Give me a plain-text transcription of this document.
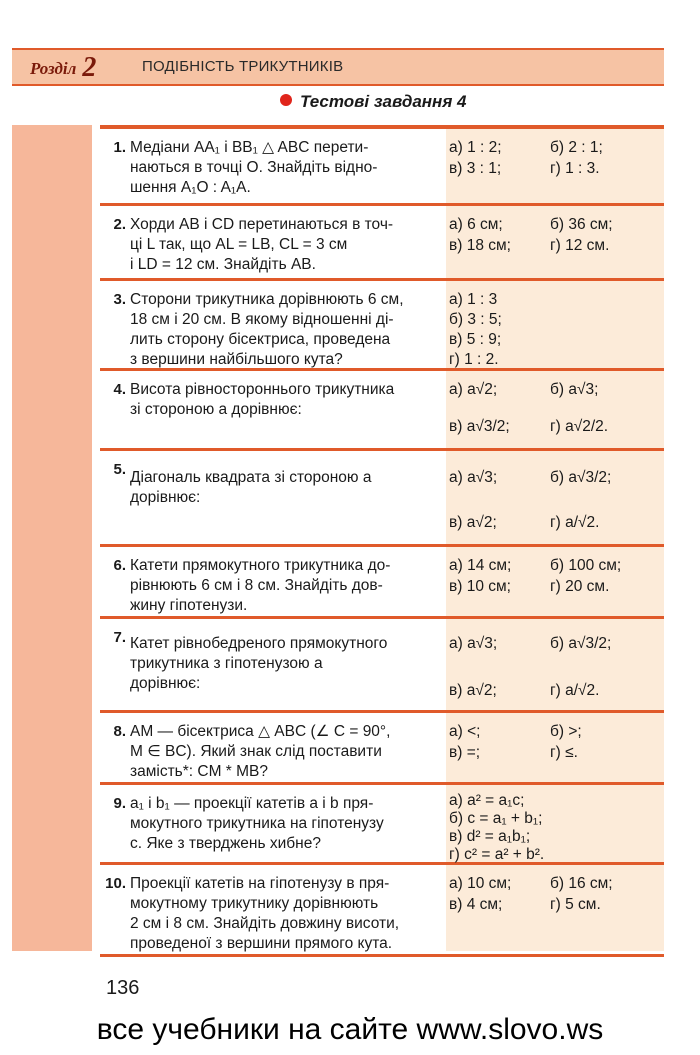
Розділ 2	ПОДІБНІСТЬ ТРИКУТНИКІВ
Тестові завдання 4
1. Медіани AA₁ і BB₁ △ ABC перети-
наються в точці O. Знайдіть відно-
шення A₁O : A₁A.
а) 1 : 2;	б) 2 : 1;
в) 3 : 1;	г) 1 : 3.
2. Хорди AB і CD перетинаються в точ-
ці L так, що AL = LB, CL = 3 см
і LD = 12 см. Знайдіть AB.
а) 6 см;	б) 36 см;
в) 18 см;	г) 12 см.
3. Сторони трикутника дорівнюють 6 см,
18 см і 20 см. В якому відношенні ді-
лить сторону бісектриса, проведена
з вершини найбільшого кута?
а) 1 : 3
б) 3 : 5;
в) 5 : 9;
г) 1 : 2.
4. Висота рівностороннього трикутника
зі стороною a дорівнює:
а) a√2;	б) a√3;
в) a√3/2;	г) a√2/2.
5. Діагональ квадрата зі стороною a
дорівнює:
а) a√3;	б) a√3/2;
в) a√2;	г) a/√2.
6. Катети прямокутного трикутника до-
рівнюють 6 см і 8 см. Знайдіть дов-
жину гіпотенузи.
а) 14 см; б) 100 см;
в) 10 см;	г) 20 см.
7. Катет рівнобедреного прямокутного
трикутника з гіпотенузою a
дорівнює:
а) a√3;	б) a√3/2;
в) a√2;	г) a/√2.
8. AM — бісектриса △ ABC (∠ C = 90°,
M ∈ BC). Який знак слід поставити
замість*: CM * MB?
а) <;	б) >;
в) =;	г) ≤.
9. a₁ і b₁ — проекції катетів a і b пря-
мокутного трикутника на гіпотенузу
c. Яке з тверджень хибне?
а) a² = a₁c;
б) c = a₁ + b₁;
в) d² = a₁b₁;
г) c² = a² + b².
10. Проекції катетів на гіпотенузу в пря-
мокутному трикутнику дорівнюють
2 см і 8 см. Знайдіть довжину висоти,
проведеної з вершини прямого кута.
а) 10 см; б) 16 см;
в) 4 см;	г) 5 см.
136
все учебники на сайте www.slovo.ws
